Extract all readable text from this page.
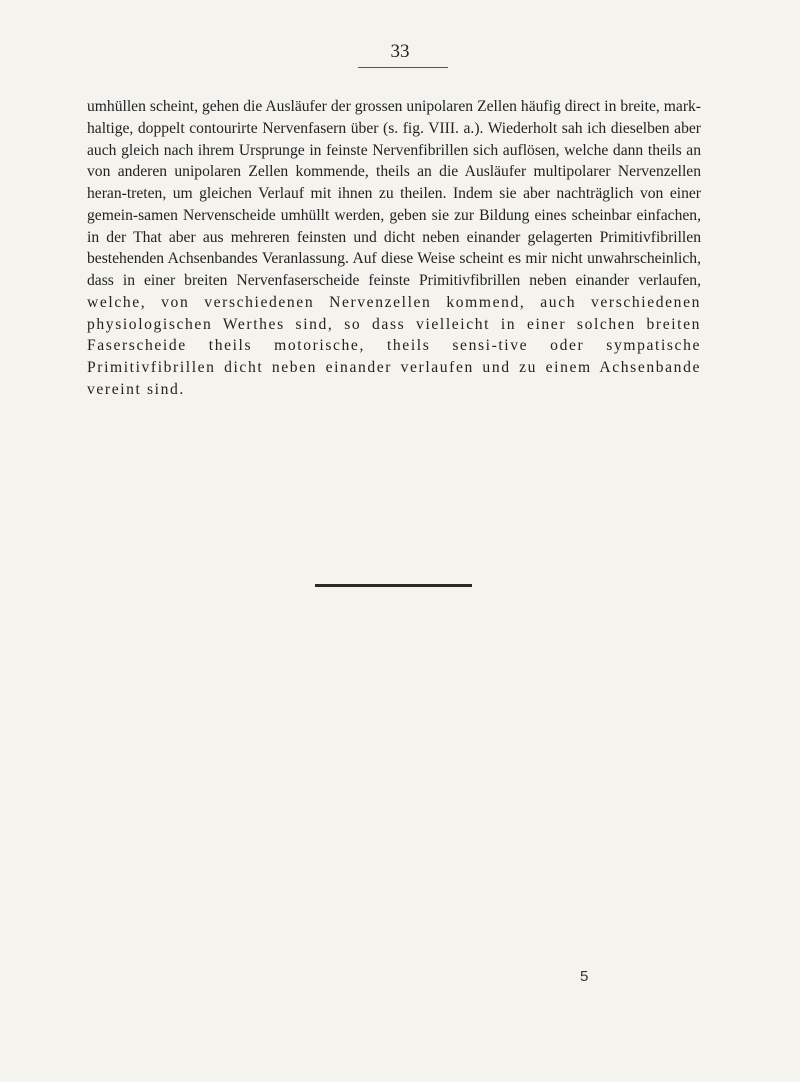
33

umhüllen scheint, gehen die Ausläufer der grossen unipolaren Zellen häufig direct in breite, mark-haltige, doppelt contourirte Nervenfasern über (s. fig. VIII. a.). Wiederholt sah ich dieselben aber auch gleich nach ihrem Ursprunge in feinste Nervenfibrillen sich auflösen, welche dann theils an von anderen unipolaren Zellen kommende, theils an die Ausläufer multipolarer Nervenzellen heran-treten, um gleichen Verlauf mit ihnen zu theilen. Indem sie aber nachträglich von einer gemein-samen Nervenscheide umhüllt werden, geben sie zur Bildung eines scheinbar einfachen, in der That aber aus mehreren feinsten und dicht neben einander gelagerten Primitivfibrillen bestehenden Achsenbandes Veranlassung. Auf diese Weise scheint es mir nicht unwahrscheinlich, dass in einer breiten Nervenfaserscheide feinste Primitivfibrillen neben einander verlaufen, welche, von verschiedenen Nervenzellen kommend, auch verschiedenen physiologischen Werthes sind, so dass vielleicht in einer solchen breiten Faserscheide theils motorische, theils sensi-tive oder sympatische Primitivfibrillen dicht neben einander verlaufen und zu einem Achsenbande vereint sind.

5
